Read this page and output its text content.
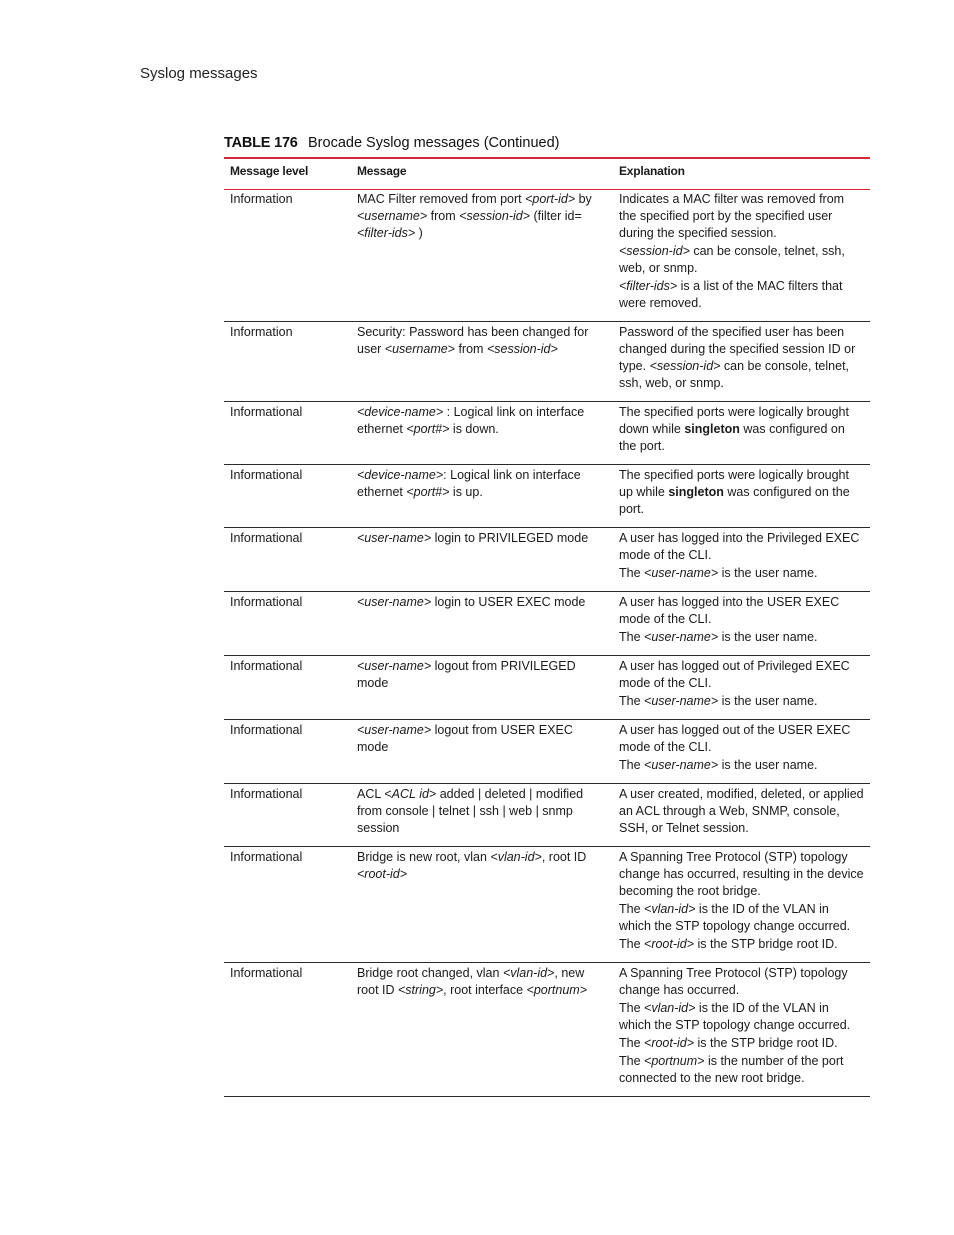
Syslog messages
TABLE 176 Brocade Syslog messages (Continued)
Message level	Message	Explanation
Information	MAC Filter removed from port <port-id> by <username> from <session-id> (filter id=<filter-ids> )	Indicates a MAC filter was removed from the specified port by the specified user during the specified session.

<session-id> can be console, telnet, ssh, web, or snmp.

<filter-ids> is a list of the MAC filters that were removed.

Information	Security: Password has been changed for user <username> from <session-id>	Password of the specified user has been changed during the specified session ID or type. <session-id> can be console, telnet, ssh, web, or snmp.

Informational	<device-name> : Logical link on interface ethernet <port#> is down.	The specified ports were logically brought down while singleton was configured on the port.

Informational	<device-name>: Logical link on interface ethernet <port#> is up.	The specified ports were logically brought up while singleton was configured on the port.

Informational	<user-name> login to PRIVILEGED mode	A user has logged into the Privileged EXEC mode of the CLI.

The <user-name> is the user name.

Informational	<user-name> login to USER EXEC mode	A user has logged into the USER EXEC mode of the CLI.

The <user-name> is the user name.

Informational	<user-name> logout from PRIVILEGED mode	A user has logged out of Privileged EXEC mode of the CLI.

The <user-name> is the user name.

Informational	<user-name> logout from USER EXEC mode	A user has logged out of the USER EXEC mode of the CLI.

The <user-name> is the user name.

Informational	ACL <ACL id> added | deleted | modified from console | telnet | ssh | web | snmp session	A user created, modified, deleted, or applied an ACL through a Web, SNMP, console, SSH, or Telnet session.

Informational	Bridge is new root, vlan <vlan-id>, root ID <root-id>	A Spanning Tree Protocol (STP) topology change has occurred, resulting in the device becoming the root bridge.

The <vlan-id> is the ID of the VLAN in which the STP topology change occurred.

The <root-id> is the STP bridge root ID.

Informational	Bridge root changed, vlan <vlan-id>, new root ID <string>, root interface <portnum>	A Spanning Tree Protocol (STP) topology change has occurred.

The <vlan-id> is the ID of the VLAN in which the STP topology change occurred.

The <root-id> is the STP bridge root ID.

The <portnum> is the number of the port connected to the new root bridge.
